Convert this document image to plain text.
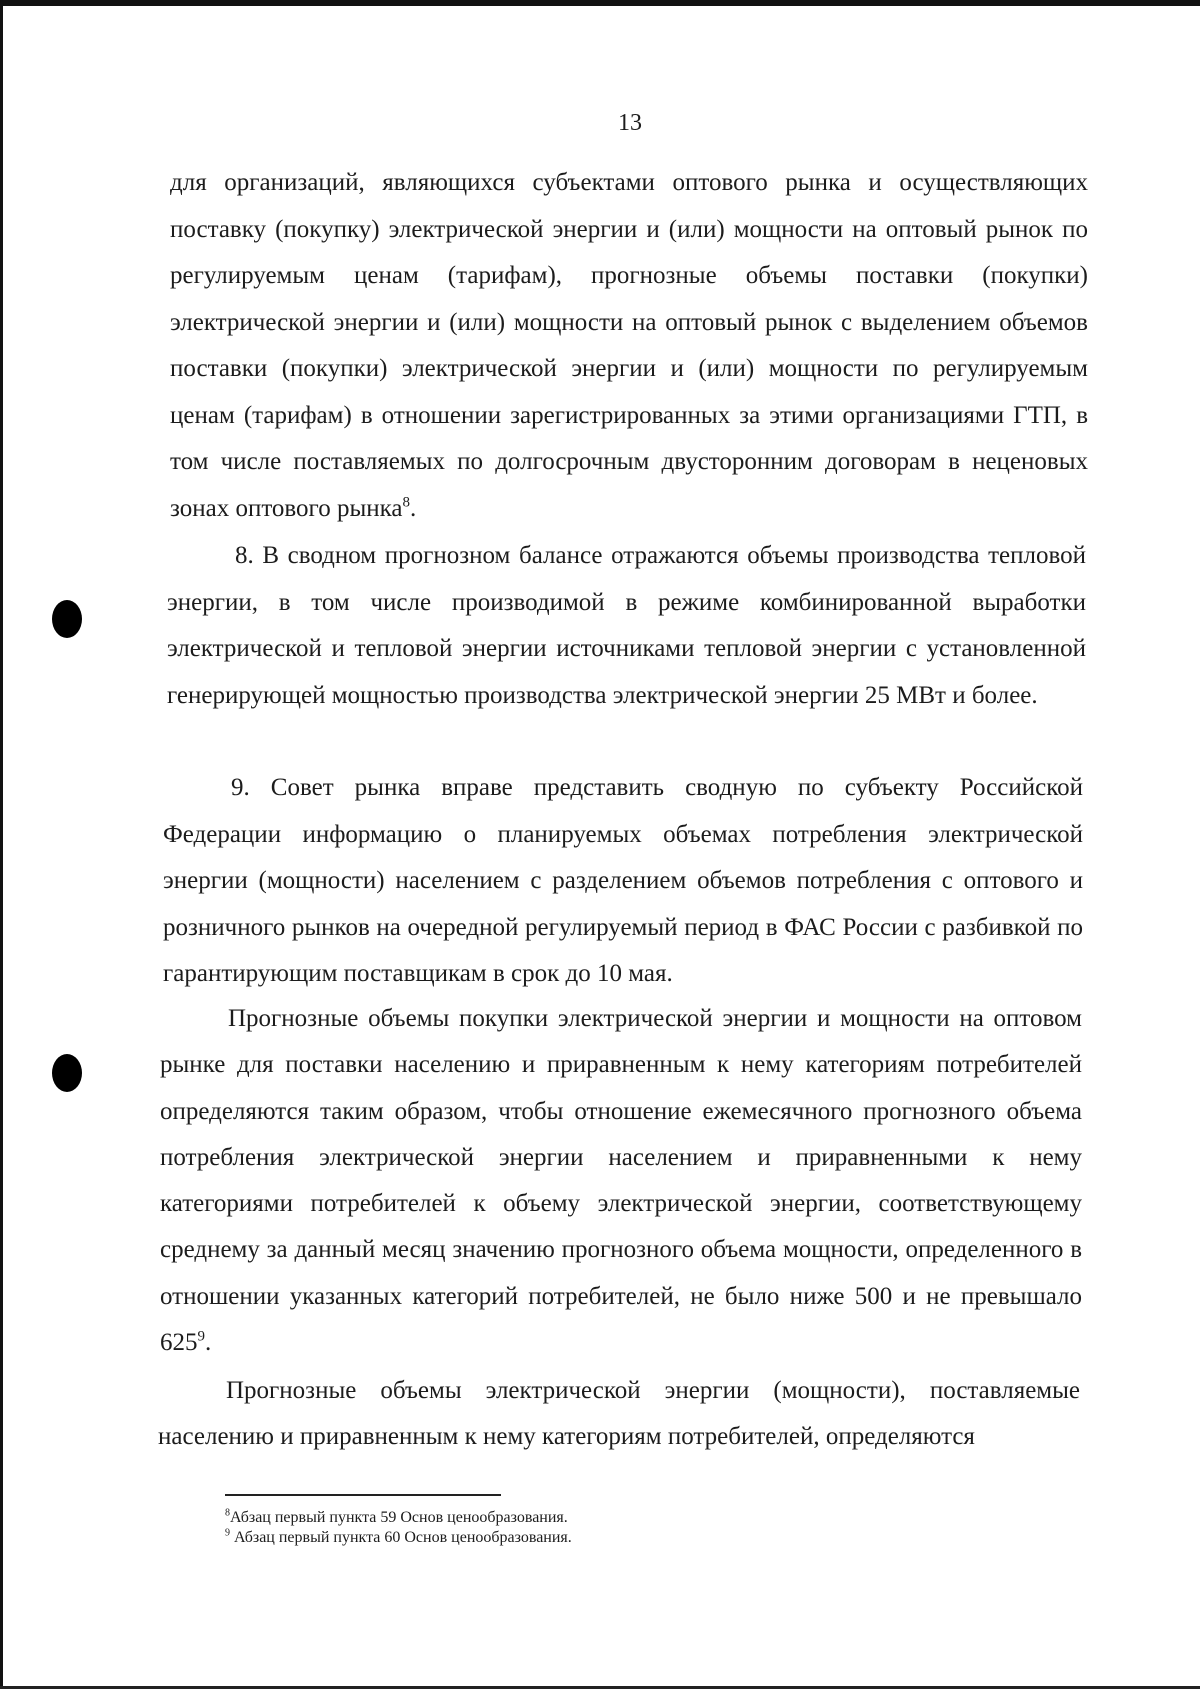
13

для организаций, являющихся субъектами оптового рынка и осуществляющих поставку (покупку) электрической энергии и (или) мощности на оптовый рынок по регулируемым ценам (тарифам), прогнозные объемы поставки (покупки) электрической энергии и (или) мощности на оптовый рынок с выделением объемов поставки (покупки) электрической энергии и (или) мощности по регулируемым ценам (тарифам) в отношении зарегистрированных за этими организациями ГТП, в том числе поставляемых по долгосрочным двусторонним договорам в неценовых зонах оптового рынка$^8$.

8. В сводном прогнозном балансе отражаются объемы производства тепловой энергии, в том числе производимой в режиме комбинированной выработки электрической и тепловой энергии источниками тепловой энергии с установленной генерирующей мощностью производства электрической энергии 25 МВт и более.

9. Совет рынка вправе представить сводную по субъекту Российской Федерации информацию о планируемых объемах потребления электрической энергии (мощности) населением с разделением объемов потребления с оптового и розничного рынков на очередной регулируемый период в ФАС России с разбивкой по гарантирующим поставщикам в срок до 10 мая.

Прогнозные объемы покупки электрической энергии и мощности на оптовом рынке для поставки населению и приравненным к нему категориям потребителей определяются таким образом, чтобы отношение ежемесячного прогнозного объема потребления электрической энергии населением и приравненными к нему категориями потребителей к объему электрической энергии, соответствующему среднему за данный месяц значению прогнозного объема мощности, определенного в отношении указанных категорий потребителей, не было ниже 500 и не превышало $625^9$.

Прогнозные объемы электрической энергии (мощности), поставляемые населению и приравненным к нему категориям потребителей, определяются

$^8$Абзац первый пункта 59 Основ ценообразования.

$^9$ Абзац первый пункта 60 Основ ценообразования.
